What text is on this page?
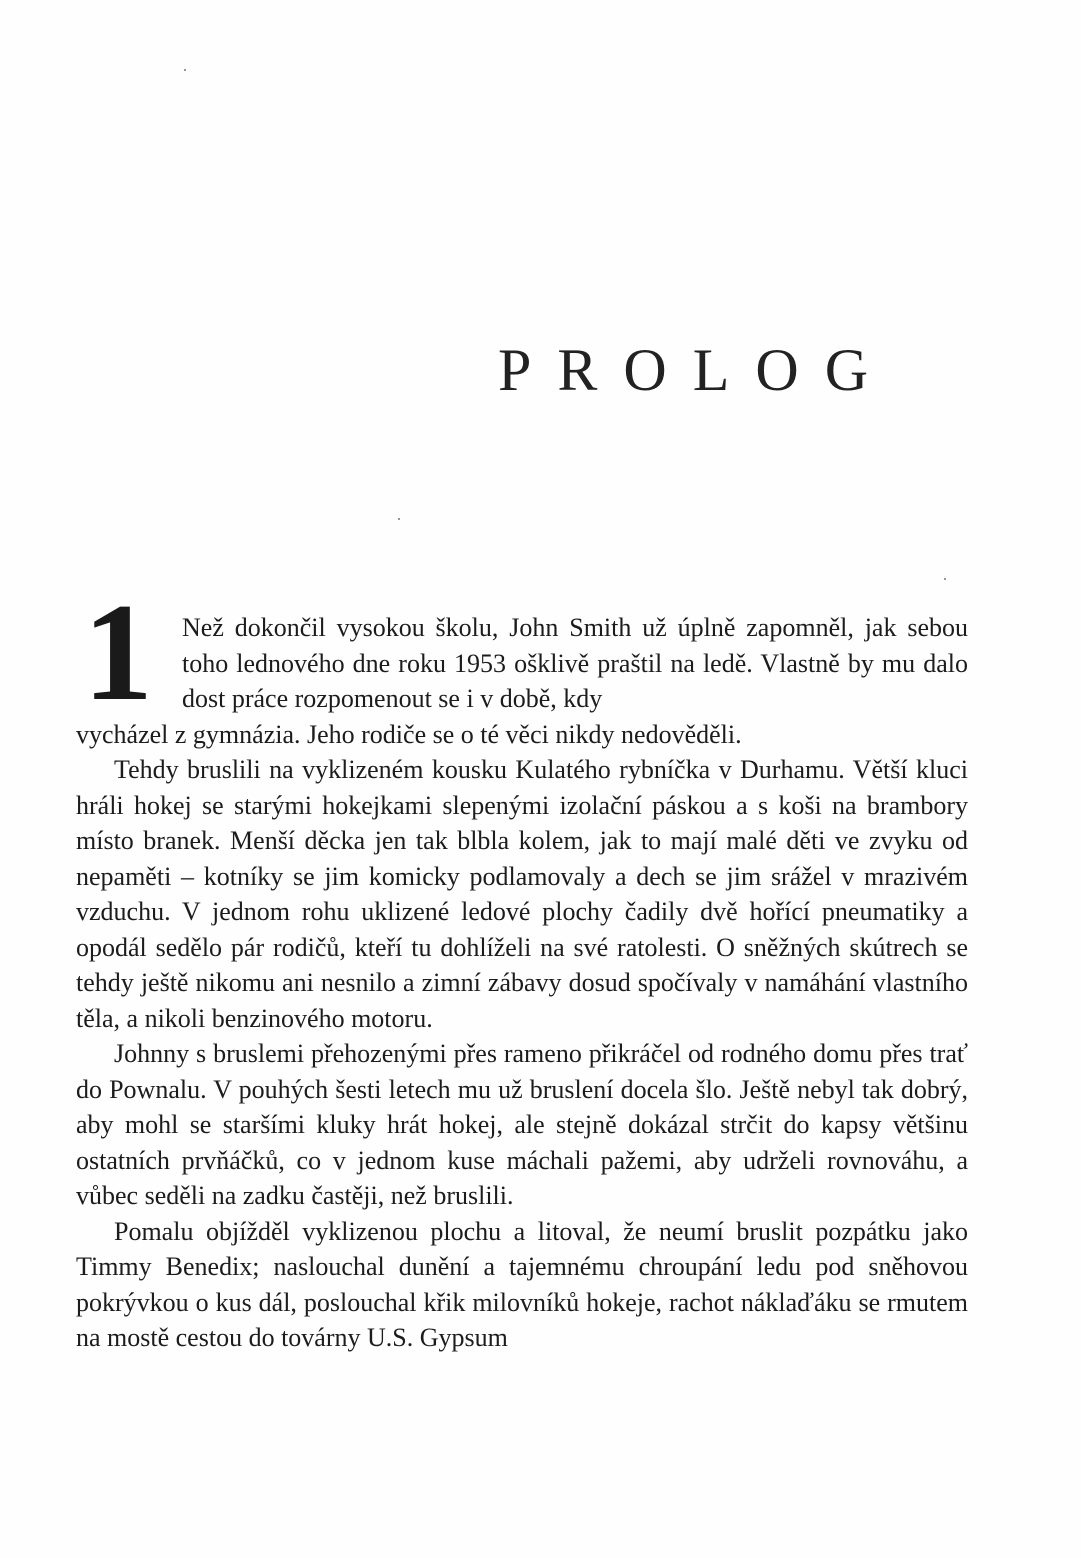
PROLOG
1	Než dokončil vysokou školu, John Smith už úplně zapomněl, jak sebou toho lednového dne roku 1953 ošklivě praštil na ledě. Vlastně by mu dalo dost práce rozpomenout se i v době, kdy

vycházel z gymnázia. Jeho rodiče se o té věci nikdy nedověděli.

Tehdy bruslili na vyklizeném kousku Kulatého rybníčka v Durhamu. Větší kluci hráli hokej se starými hokejkami slepenými izolační páskou a s koši na brambory místo branek. Menší děcka jen tak blbla kolem, jak to mají malé děti ve zvyku od nepaměti – kotníky se jim komicky podlamovaly a dech se jim srážel v mrazivém vzduchu. V jednom rohu uklizené ledové plochy čadily dvě hořící pneumatiky a opodál sedělo pár rodičů, kteří tu dohlíželi na své ratolesti. O sněžných skútrech se tehdy ještě nikomu ani nesnilo a zimní zábavy dosud spočívaly v namáhání vlastního těla, a nikoli benzinového motoru.

Johnny s bruslemi přehozenými přes rameno přikráčel od rodného domu přes trať do Pownalu. V pouhých šesti letech mu už bruslení docela šlo. Ještě nebyl tak dobrý, aby mohl se staršími kluky hrát hokej, ale stejně dokázal strčit do kapsy většinu ostatních prvňáčků, co v jednom kuse máchali pažemi, aby udrželi rovnováhu, a vůbec seděli na zadku častěji, než bruslili.

Pomalu objížděl vyklizenou plochu a litoval, že neumí bruslit pozpátku jako Timmy Benedix; naslouchal dunění a tajemnému chroupání ledu pod sněhovou pokrývkou o kus dál, poslouchal křik milovníků hokeje, rachot náklaďáku se rmutem na mostě cestou do továrny U.S. Gypsum
